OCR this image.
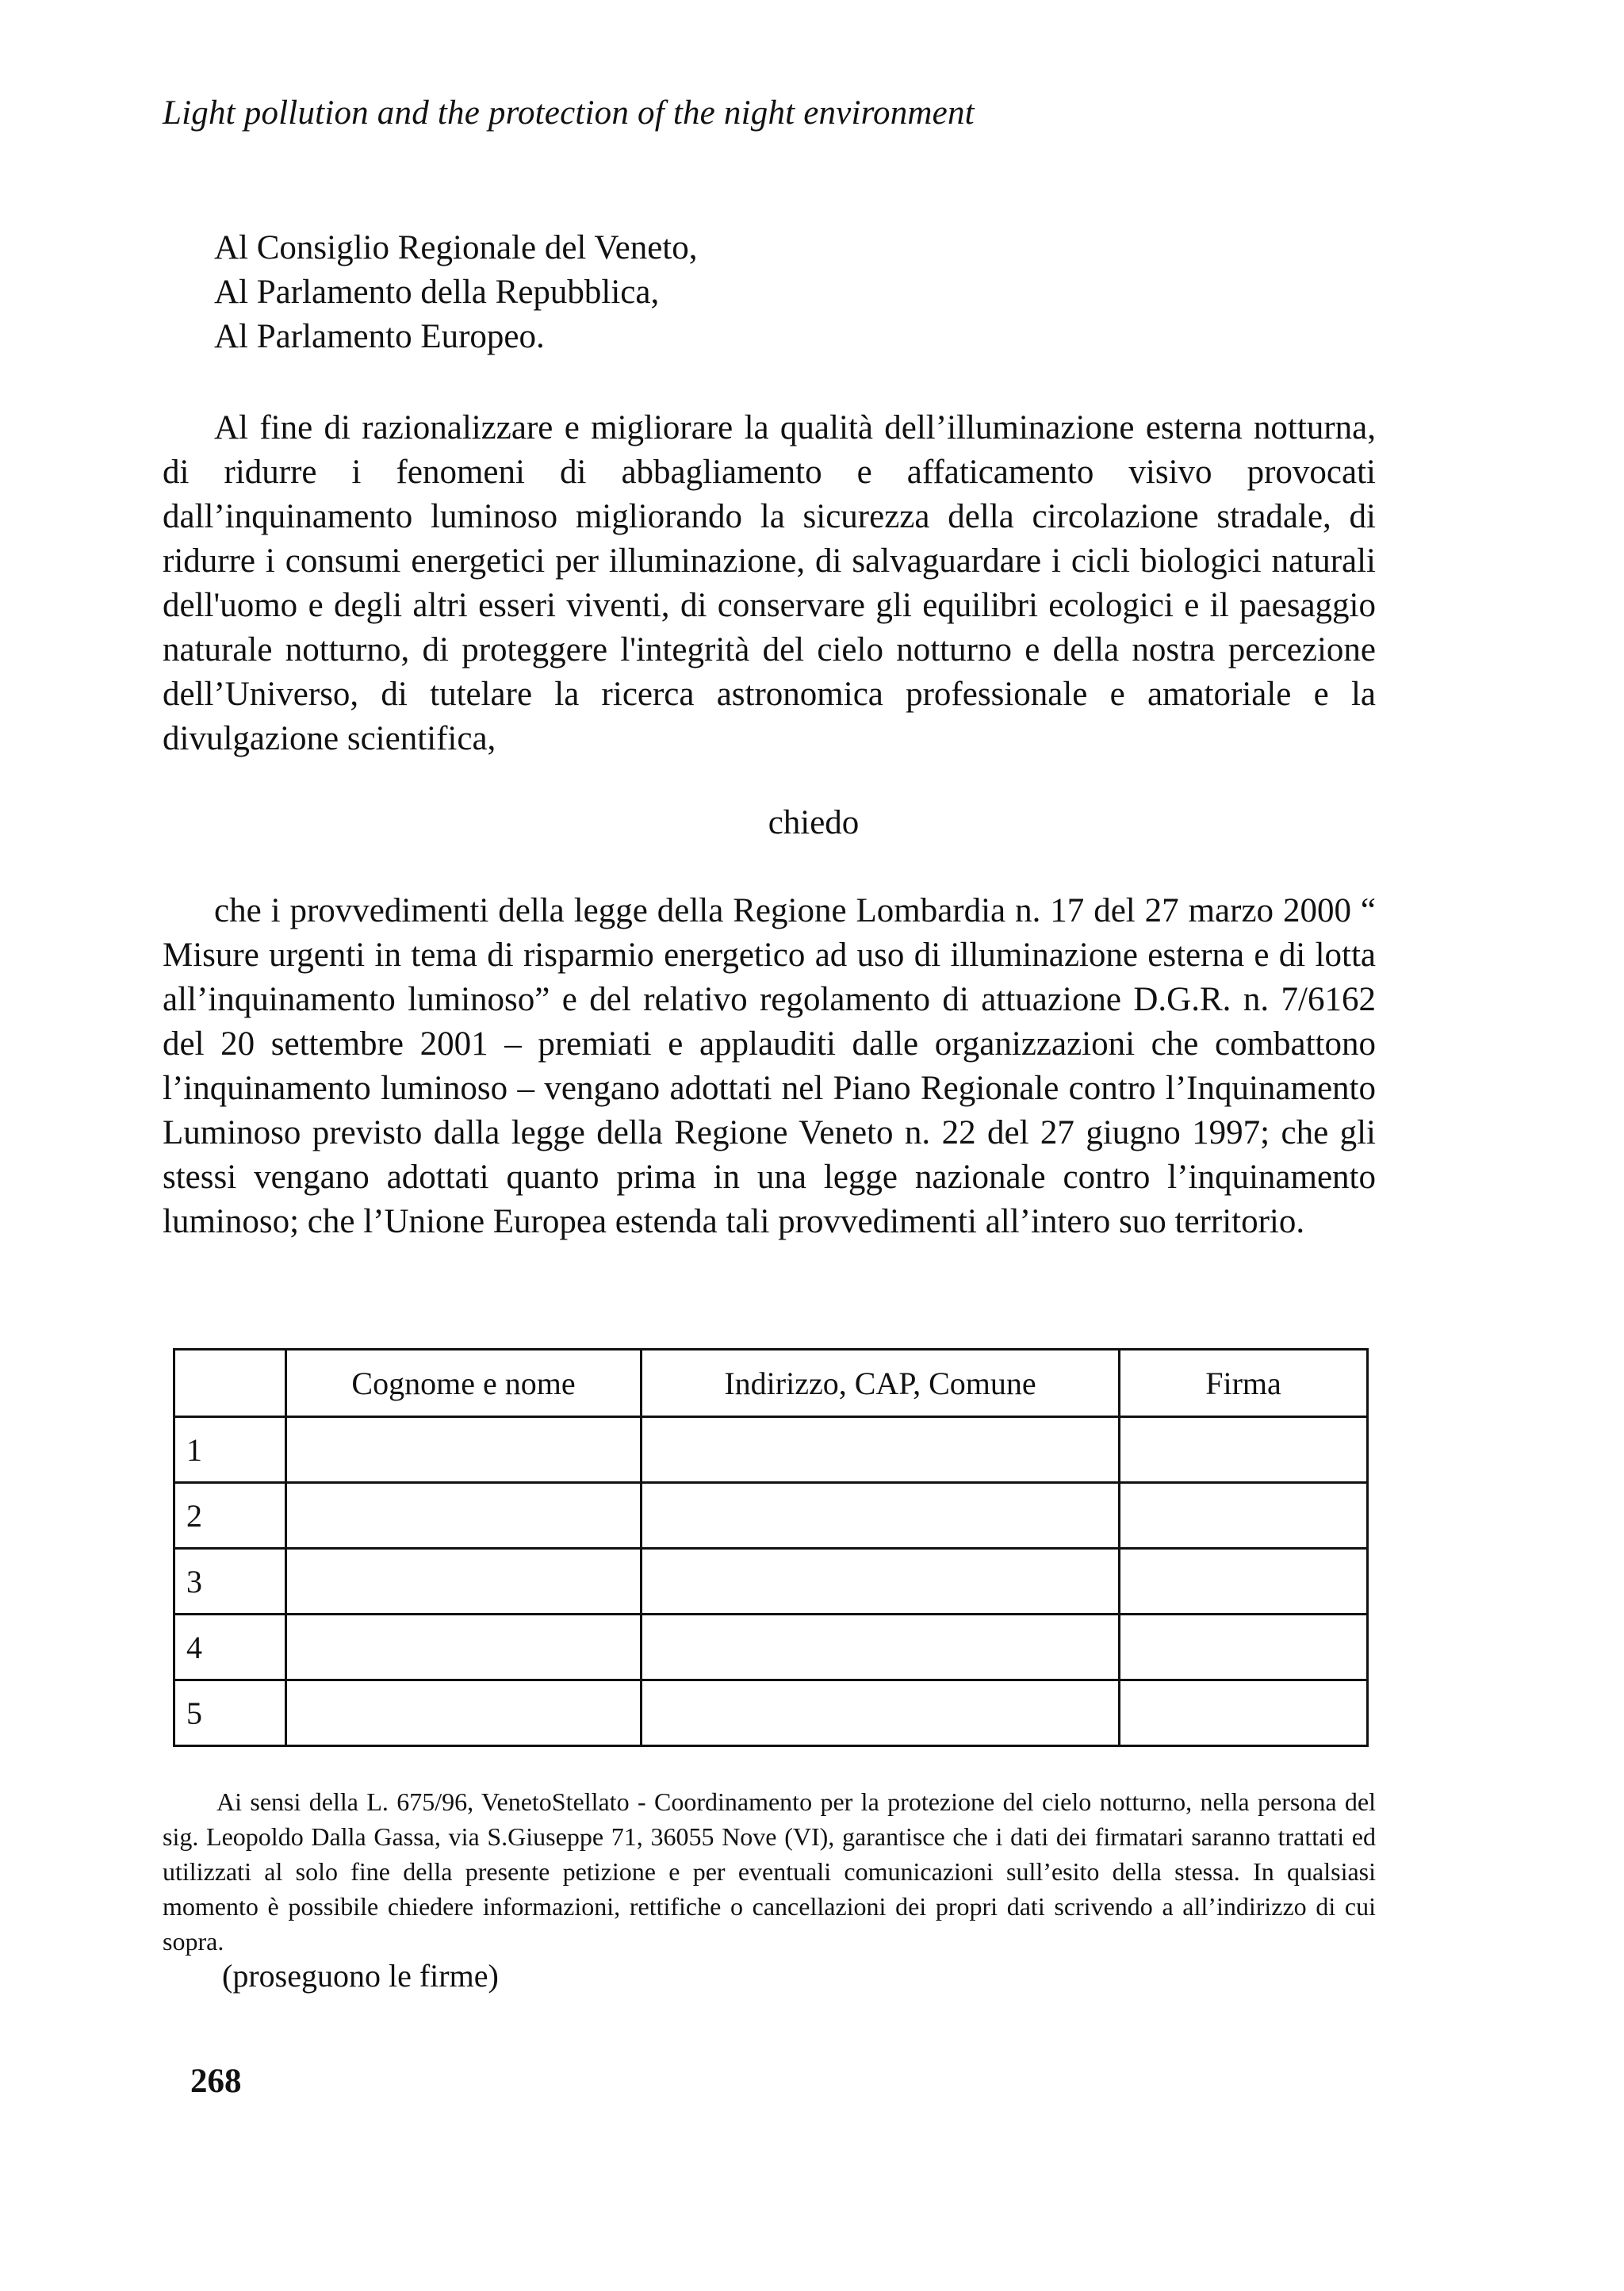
Light pollution and the protection of the night environment
Al Consiglio Regionale del Veneto,
Al Parlamento della Repubblica,
Al Parlamento Europeo.
Al fine di razionalizzare e migliorare la qualità dell’illuminazione esterna notturna, di ridurre i fenomeni di abbagliamento e affaticamento visivo provocati dall’inquinamento luminoso migliorando la sicurezza della circolazione stradale, di ridurre i consumi energetici per illuminazione, di salvaguardare i cicli biologici naturali dell'uomo e degli altri esseri viventi, di conservare gli equilibri ecologici e il paesaggio naturale notturno, di proteggere l'integrità del cielo notturno e della nostra percezione dell’Universo, di tutelare la ricerca astronomica professionale e amatoriale e la divulgazione scientifica,
chiedo
che i provvedimenti della legge della Regione Lombardia n. 17 del 27 marzo 2000 “ Misure urgenti in tema di risparmio energetico ad uso di illuminazione esterna e di lotta all’inquinamento luminoso” e del relativo regolamento di attuazione D.G.R. n. 7/6162 del 20 settembre 2001 – premiati e applauditi dalle organizzazioni che combattono l’inquinamento luminoso – vengano adottati nel Piano Regionale contro l’Inquinamento Luminoso previsto dalla legge della Regione Veneto n. 22 del 27 giugno 1997; che gli stessi vengano adottati quanto prima in una legge nazionale contro l’inquinamento luminoso; che l’Unione Europea estenda tali provvedimenti all’intero suo territorio.
	Cognome e nome	Indirizzo, CAP, Comune	Firma
1			
2			
3			
4			
5			
Ai sensi della L. 675/96, VenetoStellato - Coordinamento per la protezione del cielo notturno, nella persona del sig. Leopoldo Dalla Gassa, via S.Giuseppe 71, 36055 Nove (VI), garantisce che i dati dei firmatari saranno trattati ed utilizzati al solo fine della presente petizione e per eventuali comunicazioni sull’esito della stessa. In qualsiasi momento è possibile chiedere informazioni, rettifiche o cancellazioni dei propri dati scrivendo a all’indirizzo di cui sopra.
(proseguono le firme)
268
